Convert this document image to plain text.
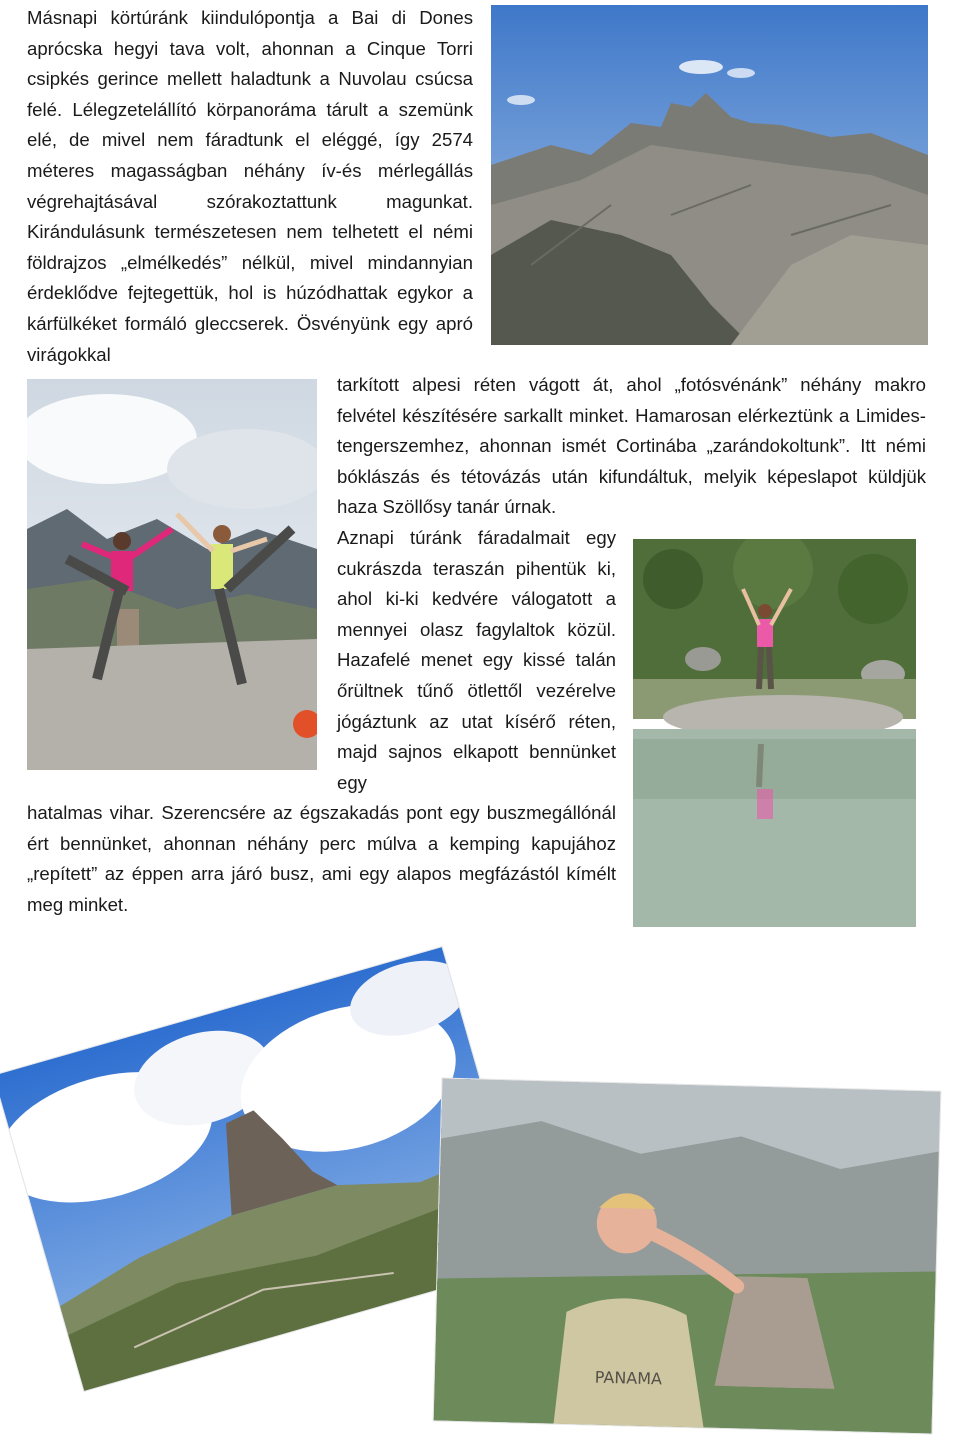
Másnapi körtúránk kiindulópontja a Bai di Dones aprócska hegyi tava volt, ahonnan a Cinque Torri csipkés gerince mellett haladtunk a Nuvolau csúcsa felé. Lélegzetelállító körpanoráma tárult a szemünk elé, de mivel nem fáradtunk el eléggé, így 2574 méteres magasságban néhány ív-és mérlegállás végrehajtásával szórakoztattunk magunkat. Kirándulásunk természetesen nem telhetett el némi földrajzos „elmélkedés” nélkül, mivel mindannyian érdeklődve fejtegettük, hol is húzódhattak egykor a kárfülkéket formáló gleccserek. Ösvényünk egy apró virágokkal

tarkított alpesi réten vágott át, ahol „fotósvénánk” néhány makro felvétel készítésére sarkallt minket. Hamarosan elérkeztünk a Limides-tengerszemhez, ahonnan ismét Cortinába „zarándokoltunk”. Itt némi bóklászás és tétovázás után kifundáltuk, melyik képeslapot küldjük haza Szöllősy tanár úrnak.

Aznapi túránk fáradalmait egy cukrászda teraszán pihentük ki, ahol ki-ki kedvére válogatott a mennyei olasz fagylaltok közül. Hazafelé menet egy kissé talán őrültnek tűnő ötlettől vezérelve jógáztunk az utat kísérő réten, majd sajnos elkapott bennünket egy

hatalmas vihar. Szerencsére az égszakadás pont egy buszmegállónál ért bennünket, ahonnan néhány perc múlva a kemping kapujához „repített” az éppen arra járó busz, ami egy alapos megfázástól kímélt meg minket.

PANAMA
